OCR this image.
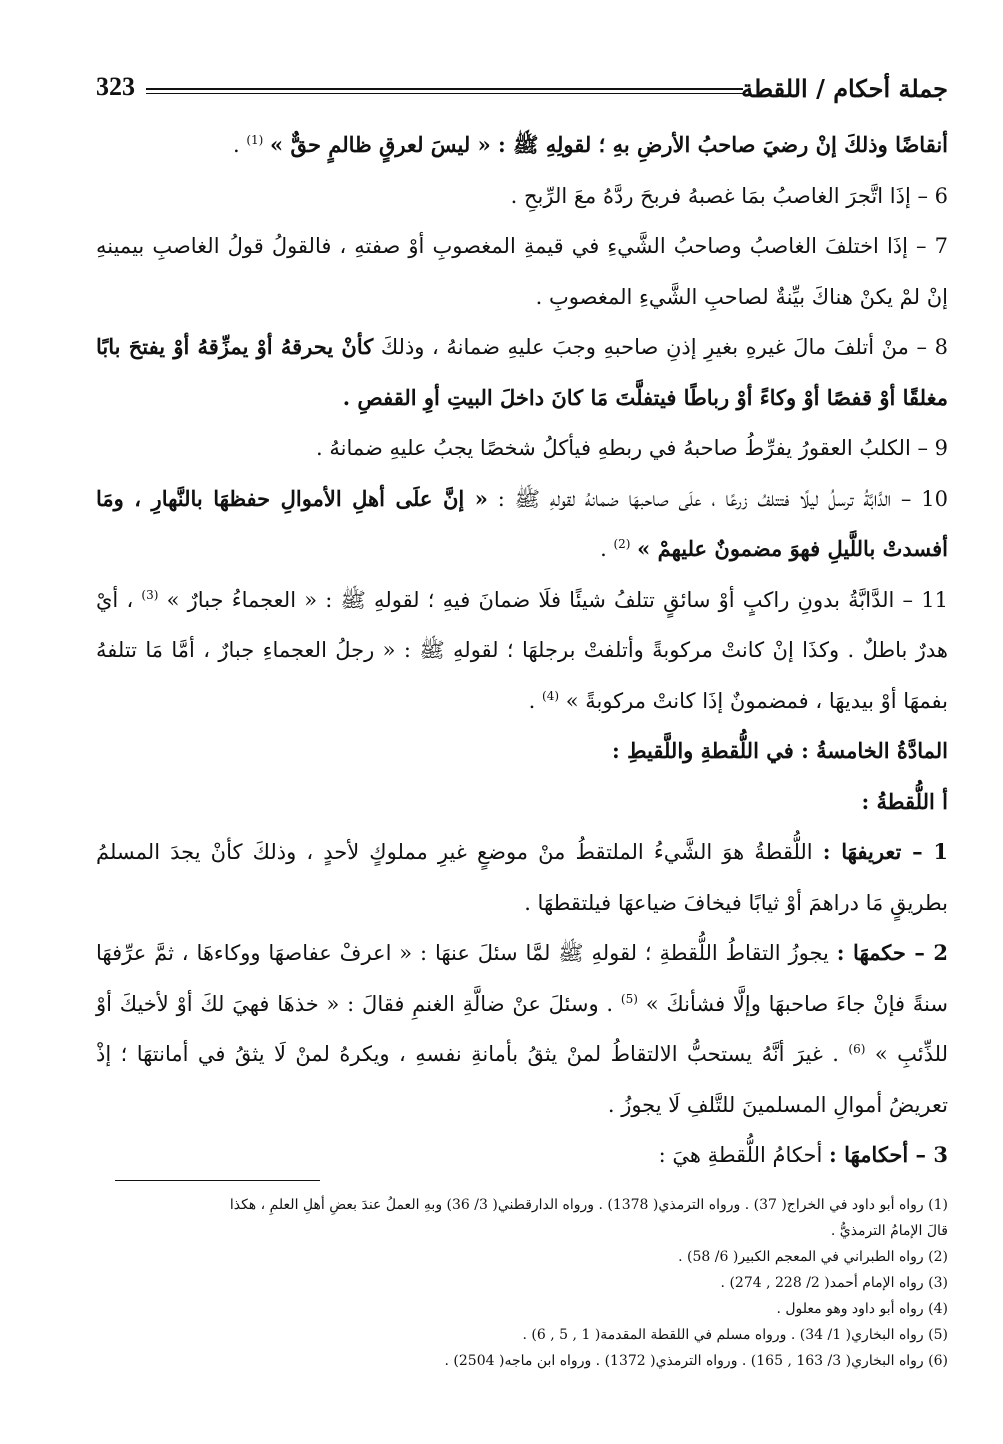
جملة أحكام / اللقطة
323

أنقاضًا وذلكَ إنْ رضيَ صاحبُ الأرضِ بهِ ؛ لقولِهِ ﷺ : « ليسَ لعرقٍ ظالمٍ حقٌّ » $^{(1)}$ .

6 – إذَا اتَّجرَ الغاصبُ بمَا غصبهُ فربحَ ردَّهُ معَ الرِّبحِ .

7 – إذَا اختلفَ الغاصبُ وصاحبُ الشَّيءِ في قيمةِ المغصوبِ أوْ صفتهِ ، فالقولُ قولُ الغاصبِ بيمينهِ إنْ لمْ يكنْ هناكَ بيِّنةٌ لصاحبِ الشَّيءِ المغصوبِ .

8 – منْ أتلفَ مالَ غيرهِ بغيرِ إذنِ صاحبهِ وجبَ عليهِ ضمانهُ ، وذلكَ كأنْ يحرقهُ أوْ يمزِّقهُ أوْ يفتحَ بابًا مغلقًا أوْ قفصًا أوْ وكاءً أوْ رباطًا فيتفلَّتَ مَا كانَ داخلَ البيتِ أوِ القفصِ .

9 – الكلبُ العقورُ يفرِّطُ صاحبهُ في ربطهِ فيأكلُ شخصًا يجبُ عليهِ ضمانهُ .

10 – الدَّابَّةُ ترسلُ ليلًا فتتلفُ زرعًا ، علَى صاحبهَا ضمانهُ لقولهِ ﷺ : « إنَّ علَى أهلِ الأموالِ حفظهَا بالنَّهارِ ، ومَا أفسدتْ باللَّيلِ فهوَ مضمونٌ عليهمْ » $^{(2)}$ .

11 – الدَّابَّةُ بدونِ راكبٍ أوْ سائقٍ تتلفُ شيئًا فلَا ضمانَ فيهِ ؛ لقولهِ ﷺ : « العجماءُ جبارٌ » $^{(3)}$ ، أيْ هدرٌ باطلٌ . وكذَا إنْ كانتْ مركوبةً وأتلفتْ برجلهَا ؛ لقولهِ ﷺ : « رجلُ العجماءِ جبارٌ ، أمَّا مَا تتلفهُ بفمهَا أوْ بيديهَا ، فمضمونٌ إذَا كانتْ مركوبةً » $^{(4)}$ .

المادَّةُ الخامسةُ : في اللُّقطةِ واللَّقيطِ :

أ اللُّقطةُ :

1 – تعريفهَا : اللُّقطةُ هوَ الشَّيءُ الملتقطُ منْ موضعٍ غيرِ مملوكٍ لأحدٍ ، وذلكَ كأنْ يجدَ المسلمُ بطريقٍ مَا دراهمَ أوْ ثيابًا فيخافَ ضياعهَا فيلتقطهَا .

2 – حكمهَا : يجوزُ التقاطُ اللُّقطةِ ؛ لقولهِ ﷺ لمَّا سئلَ عنهَا : « اعرفْ عفاصهَا ووكاءهَا ، ثمَّ عرِّفهَا سنةً فإنْ جاءَ صاحبهَا وإلَّا فشأنكَ » $^{(5)}$ . وسئلَ عنْ ضالَّةِ الغنمِ فقالَ : « خذهَا فهيَ لكَ أوْ لأخيكَ أوْ للذِّئبِ » $^{(6)}$ . غيرَ أنَّهُ يستحبُّ الالتقاطُ لمنْ يثقُ بأمانةِ نفسهِ ، ويكرهُ لمنْ لَا يثقُ في أمانتهَا ؛ إذْ تعريضُ أموالِ المسلمينَ للتَّلفِ لَا يجوزُ .

3 – أحكامهَا : أحكامُ اللُّقطةِ هيَ :

(1) رواه أبو داود في الخراج( 37) . ورواه الترمذي( 1378) . ورواه الدارقطني( 3/ 36) وبهِ العملُ عندَ بعضِ أهلِ العلمِ ، هكذا
قالَ الإمامُ الترمذيُّ .
(2) رواه الطبراني في المعجم الكبير( 6/ 58) .
(3) رواه الإمام أحمد( 2/ 228 , 274) .
(4) رواه أبو داود وهو معلول .
(5) رواه البخاري( 1/ 34) . ورواه مسلم في اللقطة المقدمة( 1 , 5 , 6) .
(6) رواه البخاري( 3/ 163 , 165) . ورواه الترمذي( 1372) . ورواه ابن ماجه( 2504) .
